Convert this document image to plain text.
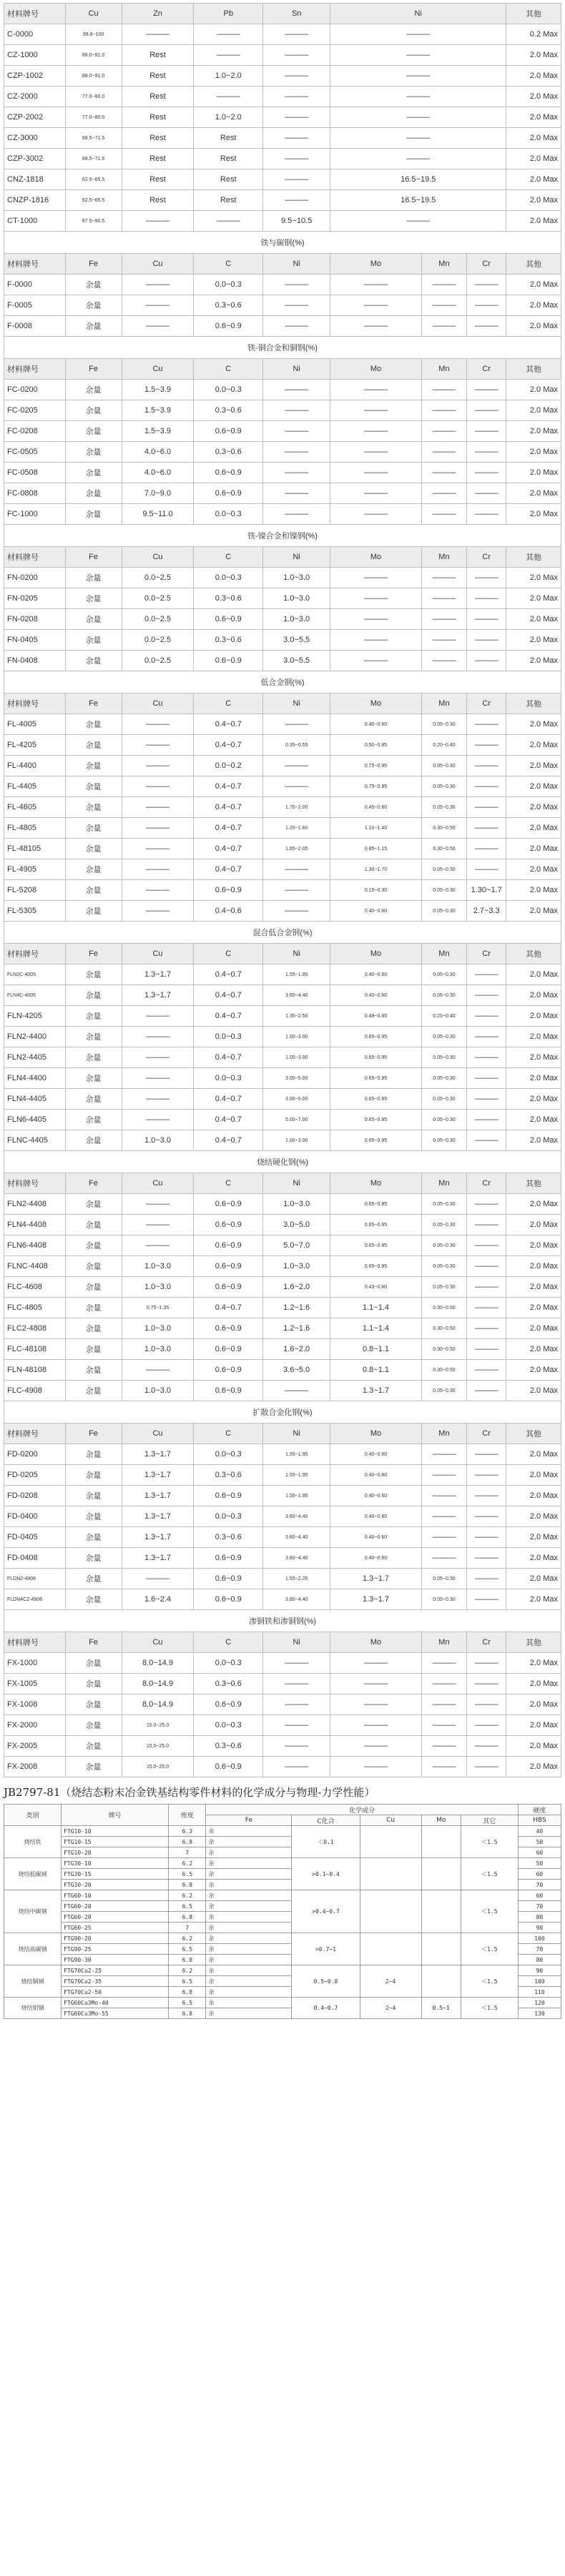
材料牌号	Cu	Zn	Pb	Sn	Ni			其他
C-0000	99.8~100	———	———	———	———			0.2 Max
CZ-1000	88.0~91.0	Rest	———	———	———			2.0 Max
CZP-1002	88.0~91.0	Rest	1.0~2.0	———	———			2.0 Max
CZ-2000	77.0~80.0	Rest	———	———	———			2.0 Max
CZP-2002	77.0~80.0	Rest	1.0~2.0	———	———			2.0 Max
CZ-3000	68.5~71.5	Rest	Rest	———	———			2.0 Max
CZP-3002	68.5~71.5	Rest	Rest	———	———			2.0 Max
CNZ-1818	62.5~65.5	Rest	Rest	———	16.5~19.5			2.0 Max
CNZP-1816	62.5~65.5	Rest	Rest	———	16.5~19.5			2.0 Max
CT-1000	87.5~90.5	———	———	9.5~10.5	———			2.0 Max
铁与碳钢(%)								
材料牌号	Fe	Cu	C	Ni	Mo	Mn	Cr	其他
F-0000	余量	———	0.0~0.3	———	———	———	———	2.0 Max
F-0005	余量	———	0.3~0.6	———	———	———	———	2.0 Max
F-0008	余量	———	0.6~0.9	———	———	———	———	2.0 Max
铁-铜合金和铜钢(%)								
材料牌号	Fe	Cu	C	Ni	Mo	Mn	Cr	其他
FC-0200	余量	1.5~3.9	0.0~0.3	———	———	———	———	2.0 Max
FC-0205	余量	1.5~3.9	0.3~0.6	———	———	———	———	2.0 Max
FC-0208	余量	1.5~3.9	0.6~0.9	———	———	———	———	2.0 Max
FC-0505	余量	4.0~6.0	0.3~0.6	———	———	———	———	2.0 Max
FC-0508	余量	4.0~6.0	0.6~0.9	———	———	———	———	2.0 Max
FC-0808	余量	7.0~9.0	0.6~0.9	———	———	———	———	2.0 Max
FC-1000	余量	9.5~11.0	0.0~0.3	———	———	———	———	2.0 Max
铁-镍合金和镍钢(%)								
材料牌号	Fe	Cu	C	Ni	Mo	Mn	Cr	其他
FN-0200	余量	0.0~2.5	0.0~0.3	1.0~3.0	———	———	———	2.0 Max
FN-0205	余量	0.0~2.5	0.3~0.6	1.0~3.0	———	———	———	2.0 Max
FN-0208	余量	0.0~2.5	0.6~0.9	1.0~3.0	———	———	———	2.0 Max
FN-0405	余量	0.0~2.5	0.3~0.6	3.0~5.5	———	———	———	2.0 Max
FN-0408	余量	0.0~2.5	0.6~0.9	3.0~5.5	———	———	———	2.0 Max
低合金钢(%)								
材料牌号	Fe	Cu	C	Ni	Mo	Mn	Cr	其他
FL-4005	余量	———	0.4~0.7	———	0.40~0.60	0.05~0.30	———	2.0 Max
FL-4205	余量	———	0.4~0.7	0.35~0.55	0.50~0.85	0.20~0.40	———	2.0 Max
FL-4400	余量	———	0.0~0.2	———	0.75~0.95	0.05~0.30	———	2.0 Max
FL-4405	余量	———	0.4~0.7	———	0.75~0.95	0.05~0.30	———	2.0 Max
FL-4605	余量	———	0.4~0.7	1.70~2.00	0.45~0.60	0.05~0.30	———	2.0 Max
FL-4805	余量	———	0.4~0.7	1.20~1.60	1.10~1.40	0.30~0.50	———	2.0 Max
FL-48105	余量	———	0.4~0.7	1.65~2.05	0.85~1.15	0.30~0.50	———	2.0 Max
FL-4905	余量	———	0.4~0.7	———	1.30~1.70	0.05~0.30	———	2.0 Max
FL-5208	余量	———	0.6~0.9	———	0.15~0.30	0.05~0.30	1.30~1.7	2.0 Max
FL-5305	余量	———	0.4~0.6	———	0.40~0.60	0.05~0.30	2.7~3.3	2.0 Max
混合低合金钢(%)								
材料牌号	Fe	Cu	C	Ni	Mo	Mn	Cr	其他
FLN2C-4005	余量	1.3~1.7	0.4~0.7	1.55~1.95	0.40~0.60	0.05~0.30	———	2.0 Max
FLN4C-4005	余量	1.3~1.7	0.4~0.7	3.60~4.40	0.40~0.60	0.05~0.30	———	2.0 Max
FLN-4205	余量	———	0.4~0.7	1.35~2.50	0.49~0.85	0.20~0.40	———	2.0 Max
FLN2-4400	余量	———	0.0~0.3	1.00~3.00	0.65~0.95	0.05~0.30	———	2.0 Max
FLN2-4405	余量	———	0.4~0.7	1.00~3.00	0.65~0.95	0.05~0.30	———	2.0 Max
FLN4-4400	余量	———	0.0~0.3	3.00~5.00	0.65~0.95	0.05~0.30	———	2.0 Max
FLN4-4405	余量	———	0.4~0.7	3.00~5.00	0.65~0.95	0.05~0.30	———	2.0 Max
FLN6-4405	余量	———	0.4~0.7	5.00~7.00	0.65~0.95	0.05~0.30	———	2.0 Max
FLNC-4405	余量	1.0~3.0	0.4~0.7	1.00~3.00	0.65~0.95	0.05~0.30	———	2.0 Max
烧结硬化钢(%)								
材料牌号	Fe	Cu	C	Ni	Mo	Mn	Cr	其他
FLN2-4408	余量	———	0.6~0.9	1.0~3.0	0.65~0.95	0.05~0.30	———	2.0 Max
FLN4-4408	余量	———	0.6~0.9	3.0~5.0	0.65~0.95	0.05~0.30	———	2.0 Max
FLN6-4408	余量	———	0.6~0.9	5.0~7.0	0.65~0.95	0.05~0.30	———	2.0 Max
FLNC-4408	余量	1.0~3.0	0.6~0.9	1.0~3.0	0.65~0.95	0.05~0.30	———	2.0 Max
FLC-4608	余量	1.0~3.0	0.6~0.9	1.6~2.0	0.43~0.60	0.05~0.30	———	2.0 Max
FLC-4805	余量	0.75~1.35	0.4~0.7	1.2~1.6	1.1~1.4	0.30~0.50	———	2.0 Max
FLC2-4808	余量	1.0~3.0	0.6~0.9	1.2~1.6	1.1~1.4	0.30~0.50	———	2.0 Max
FLC-48108	余量	1.0~3.0	0.6~0.9	1.6~2.0	0.8~1.1	0.30~0.50	———	2.0 Max
FLN-48108	余量	———	0.6~0.9	3.6~5.0	0.8~1.1	0.30~0.50	———	2.0 Max
FLC-4908	余量	1.0~3.0	0.6~0.9	———	1.3~1.7	0.05~0.30	———	2.0 Max
扩散合金化钢(%)								
材料牌号	Fe	Cu	C	Ni	Mo	Mn	Cr	其他
FD-0200	余量	1.3~1.7	0.0~0.3	1.55~1.95	0.40~0.60	———	———	2.0 Max
FD-0205	余量	1.3~1.7	0.3~0.6	1.55~1.95	0.40~0.60	———	———	2.0 Max
FD-0208	余量	1.3~1.7	0.6~0.9	1.55~1.95	0.40~0.60	———	———	2.0 Max
FD-0400	余量	1.3~1.7	0.0~0.3	3.60~4.40	0.40~0.60	———	———	2.0 Max
FD-0405	余量	1.3~1.7	0.3~0.6	3.60~4.40	0.40~0.60	———	———	2.0 Max
FD-0408	余量	1.3~1.7	0.6~0.9	3.60~4.40	0.40~0.60	———	———	2.0 Max
FLDN2-4908	余量	———	0.6~0.9	1.55~2.25	1.3~1.7	0.05~0.30	———	2.0 Max
FLDN4C2-4908	余量	1.6~2.4	0.6~0.9	3.60~4.40	1.3~1.7	0.05~0.30	———	2.0 Max
渗铜铁和渗铜钢(%)								
材料牌号	Fe	Cu	C	Ni	Mo	Mn	Cr	其他
FX-1000	余量	8.0~14.9	0.0~0.3	———	———	———	———	2.0 Max
FX-1005	余量	8.0~14.9	0.3~0.6	———	———	———	———	2.0 Max
FX-1008	余量	8.0~14.9	0.6~0.9	———	———	———	———	2.0 Max
FX-2000	余量	15.0~25.0	0.0~0.3	———	———	———	———	2.0 Max
FX-2005	余量	15.0~25.0	0.3~0.6	———	———	———	———	2.0 Max
FX-2008	余量	15.0~25.0	0.6~0.9	———	———	———	———	2.0 Max
JB2797-81（烧结态粉末冶金铁基结构零件材料的化学成分与物理-力学性能）
类别	牌号	密度	化学成分					硬度
			Fe	C化合	Cu	Mo	其它	HBS
烧结铁	FTG10-10	6.3	余	＜0.1			＜1.5	40
	FTG10-15	6.8	余					50
	FTG10-20	7	余					60
烧结低碳钢	FTG30-10	6.2	余	>0.1~0.4			＜1.5	50
	FTG30-15	6.5	余					60
	FTG30-20	6.8	余					70
烧结中碳钢	FTG60-10	6.2	余	>0.4~0.7			＜1.5	60
	FTG60-20	6.5	余					70
	FTG60-20	6.8	余					80
	FTG60-25	7	余					90
烧结高碳钢	FTG90-20	6.2	余	>0.7~1			＜1.5	100
	FTG90-25	6.5	余					70
	FTG90-30	6.8	余					80
烧结铜钢	FTG70Cu2-25	6.2	余	0.5~0.8	2~4		＜1.5	90
	FTG70Cu2-35	6.5	余					100
	FTG70Cu2-50	6.8	余					110
烧结钼钢	FTG60Cu3Mo-40	6.5	余	0.4~0.7	2~4	0.5~1	＜1.5	120
	FTG60Cu3Mo-55	6.8	余					130
